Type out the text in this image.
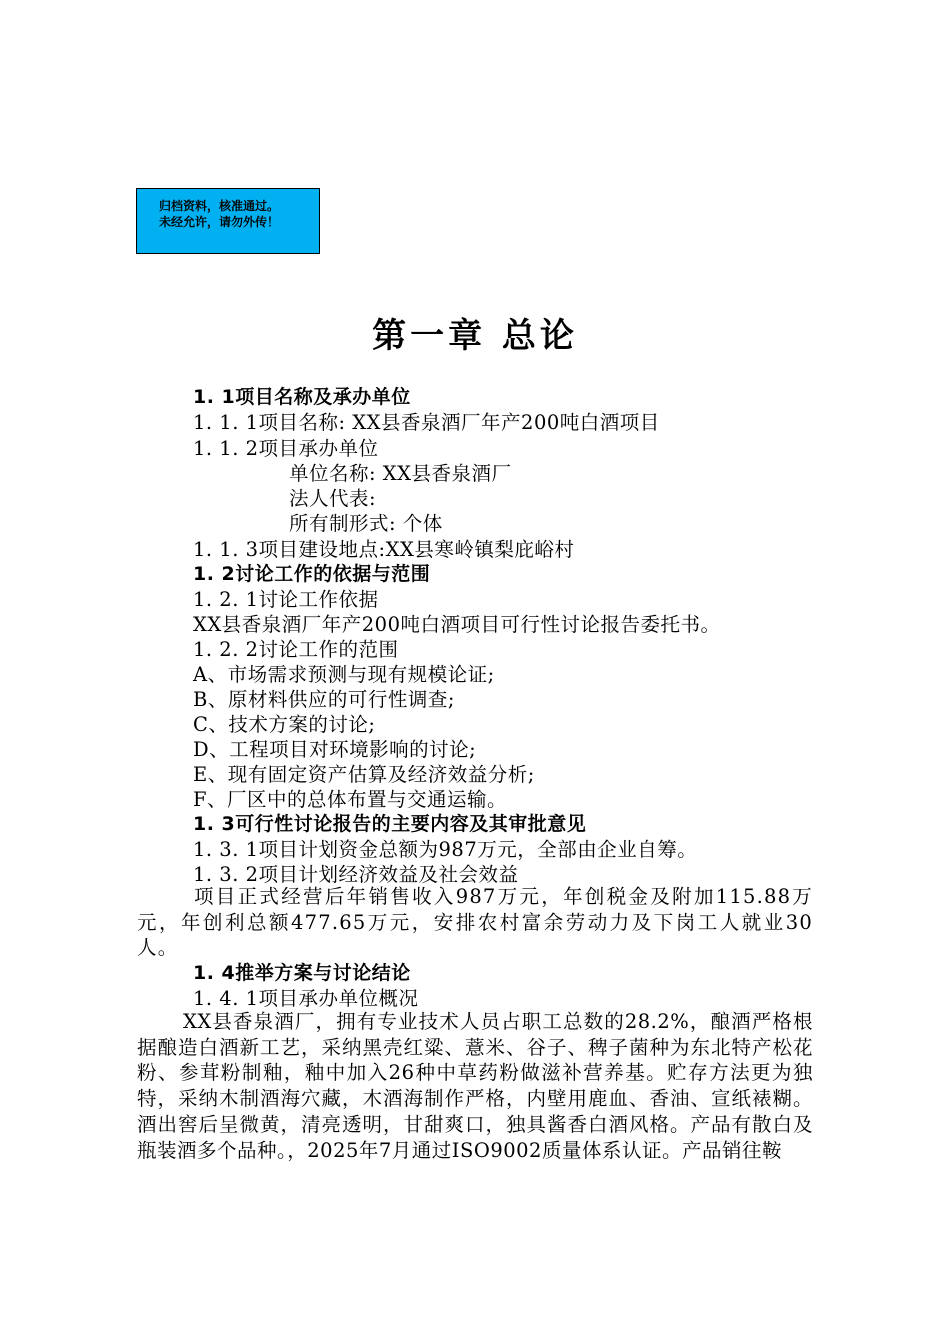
归档资料，核准通过。
未经允许，请勿外传！
第一章 总论
1. 1项目名称及承办单位
1. 1. 1项目名称: XX县香泉酒厂年产200吨白酒项目
1. 1. 2项目承办单位
单位名称: XX县香泉酒厂
法人代表:
所有制形式: 个体
1. 1. 3项目建设地点:XX县寒岭镇梨庇峪村
1. 2讨论工作的依据与范围
1. 2. 1讨论工作依据
XX县香泉酒厂年产200吨白酒项目可行性讨论报告委托书。
1. 2. 2讨论工作的范围
A、市场需求预测与现有规模论证;
B、原材料供应的可行性调查;
C、技术方案的讨论;
D、工程项目对环境影响的讨论;
E、现有固定资产估算及经济效益分析;
F、厂区中的总体布置与交通运输。
1. 3可行性讨论报告的主要内容及其审批意见
1. 3. 1项目计划资金总额为987万元，全部由企业自筹。
1. 3. 2项目计划经济效益及社会效益
项目正式经营后年销售收入987万元，年创税金及附加115.88万元，年创利总额477.65万元，安排农村富余劳动力及下岗工人就业30人。
1. 4推举方案与讨论结论
1. 4. 1项目承办单位概况
XX县香泉酒厂，拥有专业技术人员占职工总数的28.2%，酿酒严格根据酿造白酒新工艺，采纳黑壳红粱、薏米、谷子、稗子菌种为东北特产松花粉、参茸粉制釉，釉中加入26种中草药粉做滋补营养基。贮存方法更为独特，采纳木制酒海穴藏，木酒海制作严格，内壁用鹿血、香油、宣纸裱糊。酒出窖后呈微黄，清亮透明，甘甜爽口，独具酱香白酒风格。产品有散白及瓶装酒多个品种。，2025年7月通过ISO9002质量体系认证。产品销往鞍
